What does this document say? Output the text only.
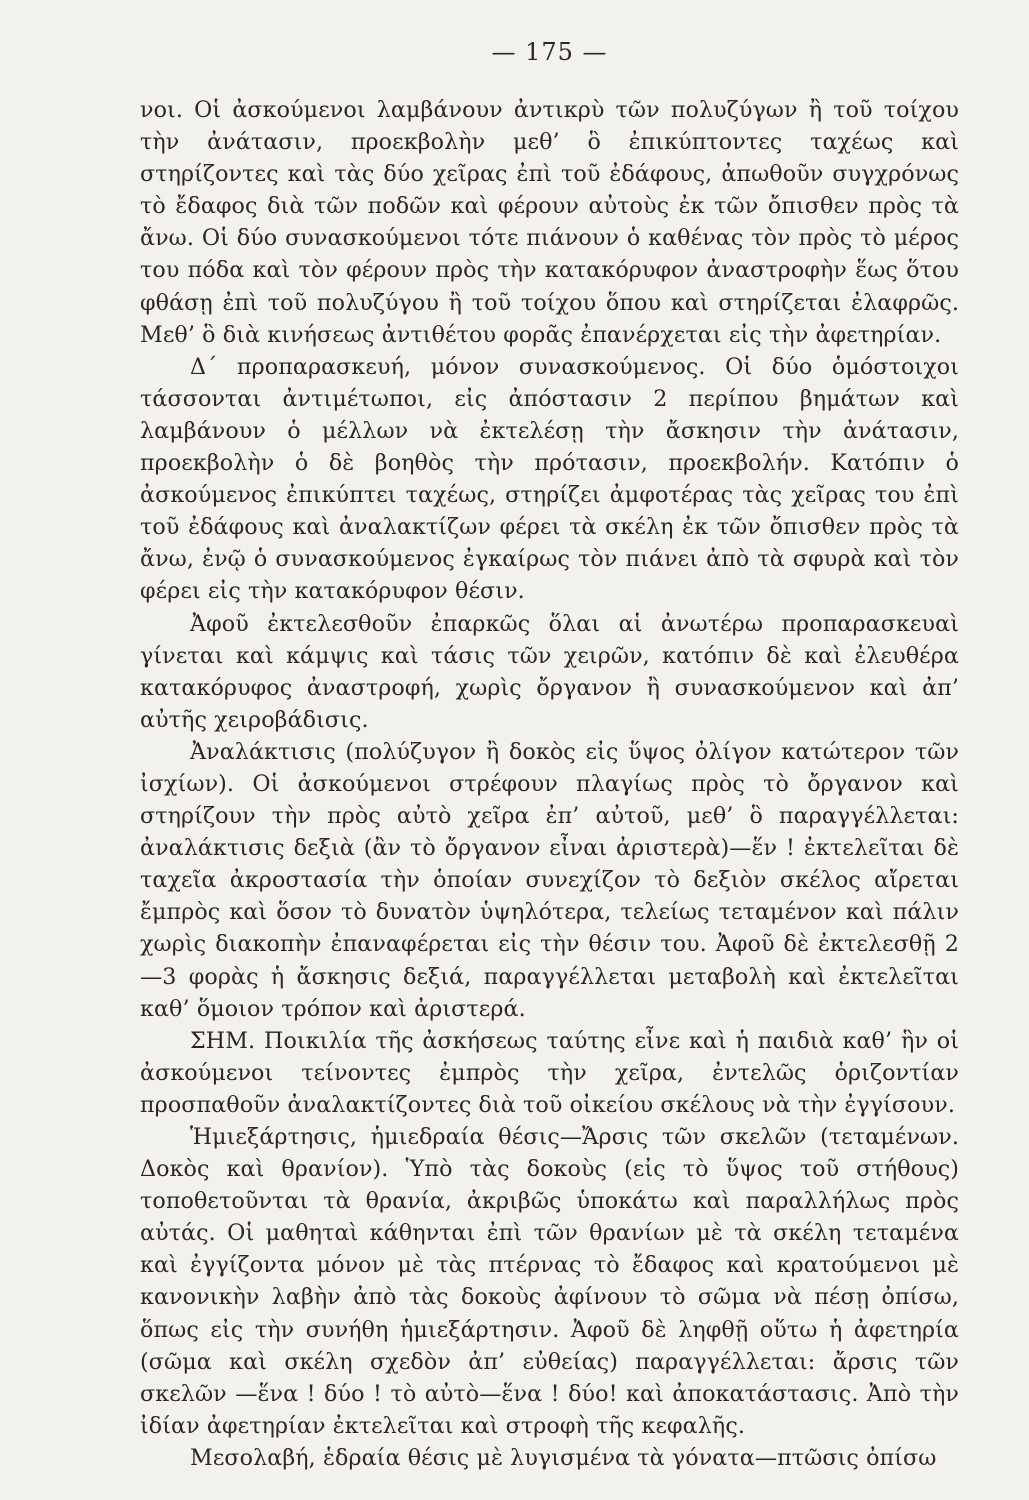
— 175 —

νοι. Οἱ ἀσκούμενοι λαμβάνουν ἀντικρὺ τῶν πολυζύγων ἢ τοῦ τοίχου τὴν ἀνάτασιν, προεκβολὴν μεθ’ ὃ ἐπικύπτοντες ταχέως καὶ στηρίζοντες καὶ τὰς δύο χεῖρας ἐπὶ τοῦ ἐδάφους, ἀπωθοῦν συγχρόνως τὸ ἔδαφος διὰ τῶν ποδῶν καὶ φέρουν αὐτοὺς ἐκ τῶν ὄπισθεν πρὸς τὰ ἄνω. Οἱ δύο συνασκούμενοι τότε πιάνουν ὁ καθένας τὸν πρὸς τὸ μέρος του πόδα καὶ τὸν φέρουν πρὸς τὴν κατακόρυφον ἀναστροφὴν ἕως ὅτου φθάσῃ ἐπὶ τοῦ πολυζύγου ἢ τοῦ τοίχου ὅπου καὶ στηρίζεται ἐλαφρῶς. Μεθ’ ὃ διὰ κινήσεως ἀντιθέτου φορᾶς ἐπανέρχεται εἰς τὴν ἀφετηρίαν.

Δ΄ προπαρασκευή, μόνον συνασκούμενος. Οἱ δύο ὁμόστοιχοι τάσσονται ἀντιμέτωποι, εἰς ἀπόστασιν 2 περίπου βημάτων καὶ λαμβάνουν ὁ μέλλων νὰ ἐκτελέσῃ τὴν ἄσκησιν τὴν ἀνάτασιν, προεκβολὴν ὁ δὲ βοηθὸς τὴν πρότασιν, προεκβολήν. Κατόπιν ὁ ἀσκούμενος ἐπικύπτει ταχέως, στηρίζει ἀμφοτέρας τὰς χεῖρας του ἐπὶ τοῦ ἐδάφους καὶ ἀναλακτίζων φέρει τὰ σκέλη ἐκ τῶν ὄπισθεν πρὸς τὰ ἄνω, ἐνῷ ὁ συνασκούμενος ἐγκαίρως τὸν πιάνει ἀπὸ τὰ σφυρὰ καὶ τὸν φέρει εἰς τὴν κατακόρυφον θέσιν.

Ἀφοῦ ἐκτελεσθοῦν ἐπαρκῶς ὅλαι αἱ ἀνωτέρω προπαρασκευαὶ γίνεται καὶ κάμψις καὶ τάσις τῶν χειρῶν, κατόπιν δὲ καὶ ἐλευθέρα κατακόρυφος ἀναστροφή, χωρὶς ὄργανον ἢ συνασκούμενον καὶ ἀπ’ αὐτῆς χειροβάδισις.

Ἀναλάκτισις (πολύζυγον ἢ δοκὸς εἰς ὕψος ὀλίγον κατώτερον τῶν ἰσχίων). Οἱ ἀσκούμενοι στρέφουν πλαγίως πρὸς τὸ ὄργανον καὶ στηρίζουν τὴν πρὸς αὐτὸ χεῖρα ἐπ’ αὐτοῦ, μεθ’ ὃ παραγγέλλεται: ἀναλάκτισις δεξιὰ (ἂν τὸ ὄργανον εἶναι ἀριστερὰ)—ἕν ! ἐκτελεῖται δὲ ταχεῖα ἀκροστασία τὴν ὁποίαν συνεχίζον τὸ δεξιὸν σκέλος αἴρεται ἔμπρὸς καὶ ὅσον τὸ δυνατὸν ὑψηλότερα, τελείως τεταμένον καὶ πάλιν χωρὶς διακοπὴν ἐπαναφέρεται εἰς τὴν θέσιν του. Ἀφοῦ δὲ ἐκτελεσθῇ 2—3 φορὰς ἡ ἄσκησις δεξιά, παραγγέλλεται μεταβολὴ καὶ ἐκτελεῖται καθ’ ὅμοιον τρόπον καὶ ἀριστερά.

ΣΗΜ. Ποικιλία τῆς ἀσκήσεως ταύτης εἶνε καὶ ἡ παιδιὰ καθ’ ἣν οἱ ἀσκούμενοι τείνοντες ἐμπρὸς τὴν χεῖρα, ἐντελῶς ὁριζοντίαν προσπαθοῦν ἀναλακτίζοντες διὰ τοῦ οἰκείου σκέλους νὰ τὴν ἐγγίσουν.

Ἡμιεξάρτησις, ἡμιεδραία θέσις—Ἄρσις τῶν σκελῶν (τεταμένων. Δοκὸς καὶ θρανίον). Ὑπὸ τὰς δοκοὺς (εἰς τὸ ὕψος τοῦ στήθους) τοποθετοῦνται τὰ θρανία, ἀκριβῶς ὑποκάτω καὶ παραλλήλως πρὸς αὐτάς. Οἱ μαθηταὶ κάθηνται ἐπὶ τῶν θρανίων μὲ τὰ σκέλη τεταμένα καὶ ἐγγίζοντα μόνον μὲ τὰς πτέρνας τὸ ἔδαφος καὶ κρατούμενοι μὲ κανονικὴν λαβὴν ἀπὸ τὰς δοκοὺς ἀφίνουν τὸ σῶμα νὰ πέσῃ ὀπίσω, ὅπως εἰς τὴν συνήθη ἡμιεξάρτησιν. Ἀφοῦ δὲ ληφθῇ οὕτω ἡ ἀφετηρία (σῶμα καὶ σκέλη σχεδὸν ἀπ’ εὐθείας) παραγγέλλεται: ἄρσις τῶν σκελῶν —ἕνα ! δύο ! τὸ αὐτὸ—ἕνα ! δύο! καὶ ἀποκατάστασις. Ἀπὸ τὴν ἰδίαν ἀφετηρίαν ἐκτελεῖται καὶ στροφὴ τῆς κεφαλῆς.

Μεσολαβή, ἑδραία θέσις μὲ λυγισμένα τὰ γόνατα—πτῶσις ὀπίσω
